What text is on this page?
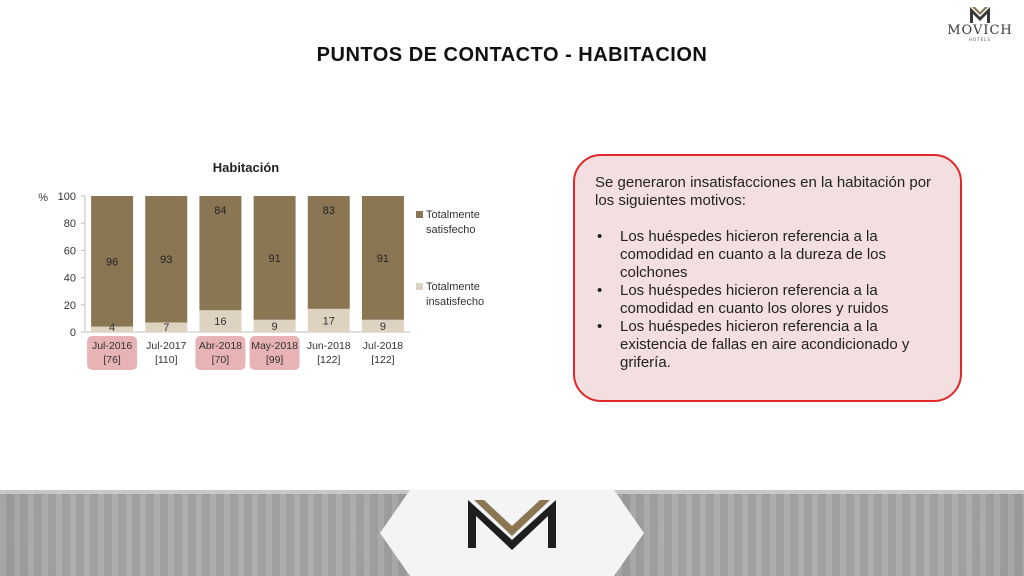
MOVICH
HOTELS
PUNTOS DE CONTACTO - HABITACION
Habitación
%
0
20
40
60
80
100
4
96
Jul-2016
[76]
7
93
Jul-2017
[110]
16
84
Abr-2018
[70]
9
91
May-2018
[99]
17
83
Jun-2018
[122]
9
91
Jul-2018
[122]
Totalmente
satisfecho
Totalmente
insatisfecho

Se generaron insatisfacciones en la habitación por los siguientes motivos:

• Los huéspedes hicieron referencia a la comodidad en cuanto a la dureza de los colchones
• Los huéspedes hicieron referencia a la comodidad en cuanto los olores y ruidos
• Los huéspedes hicieron referencia a la existencia de fallas en aire acondicionado y grifería.
